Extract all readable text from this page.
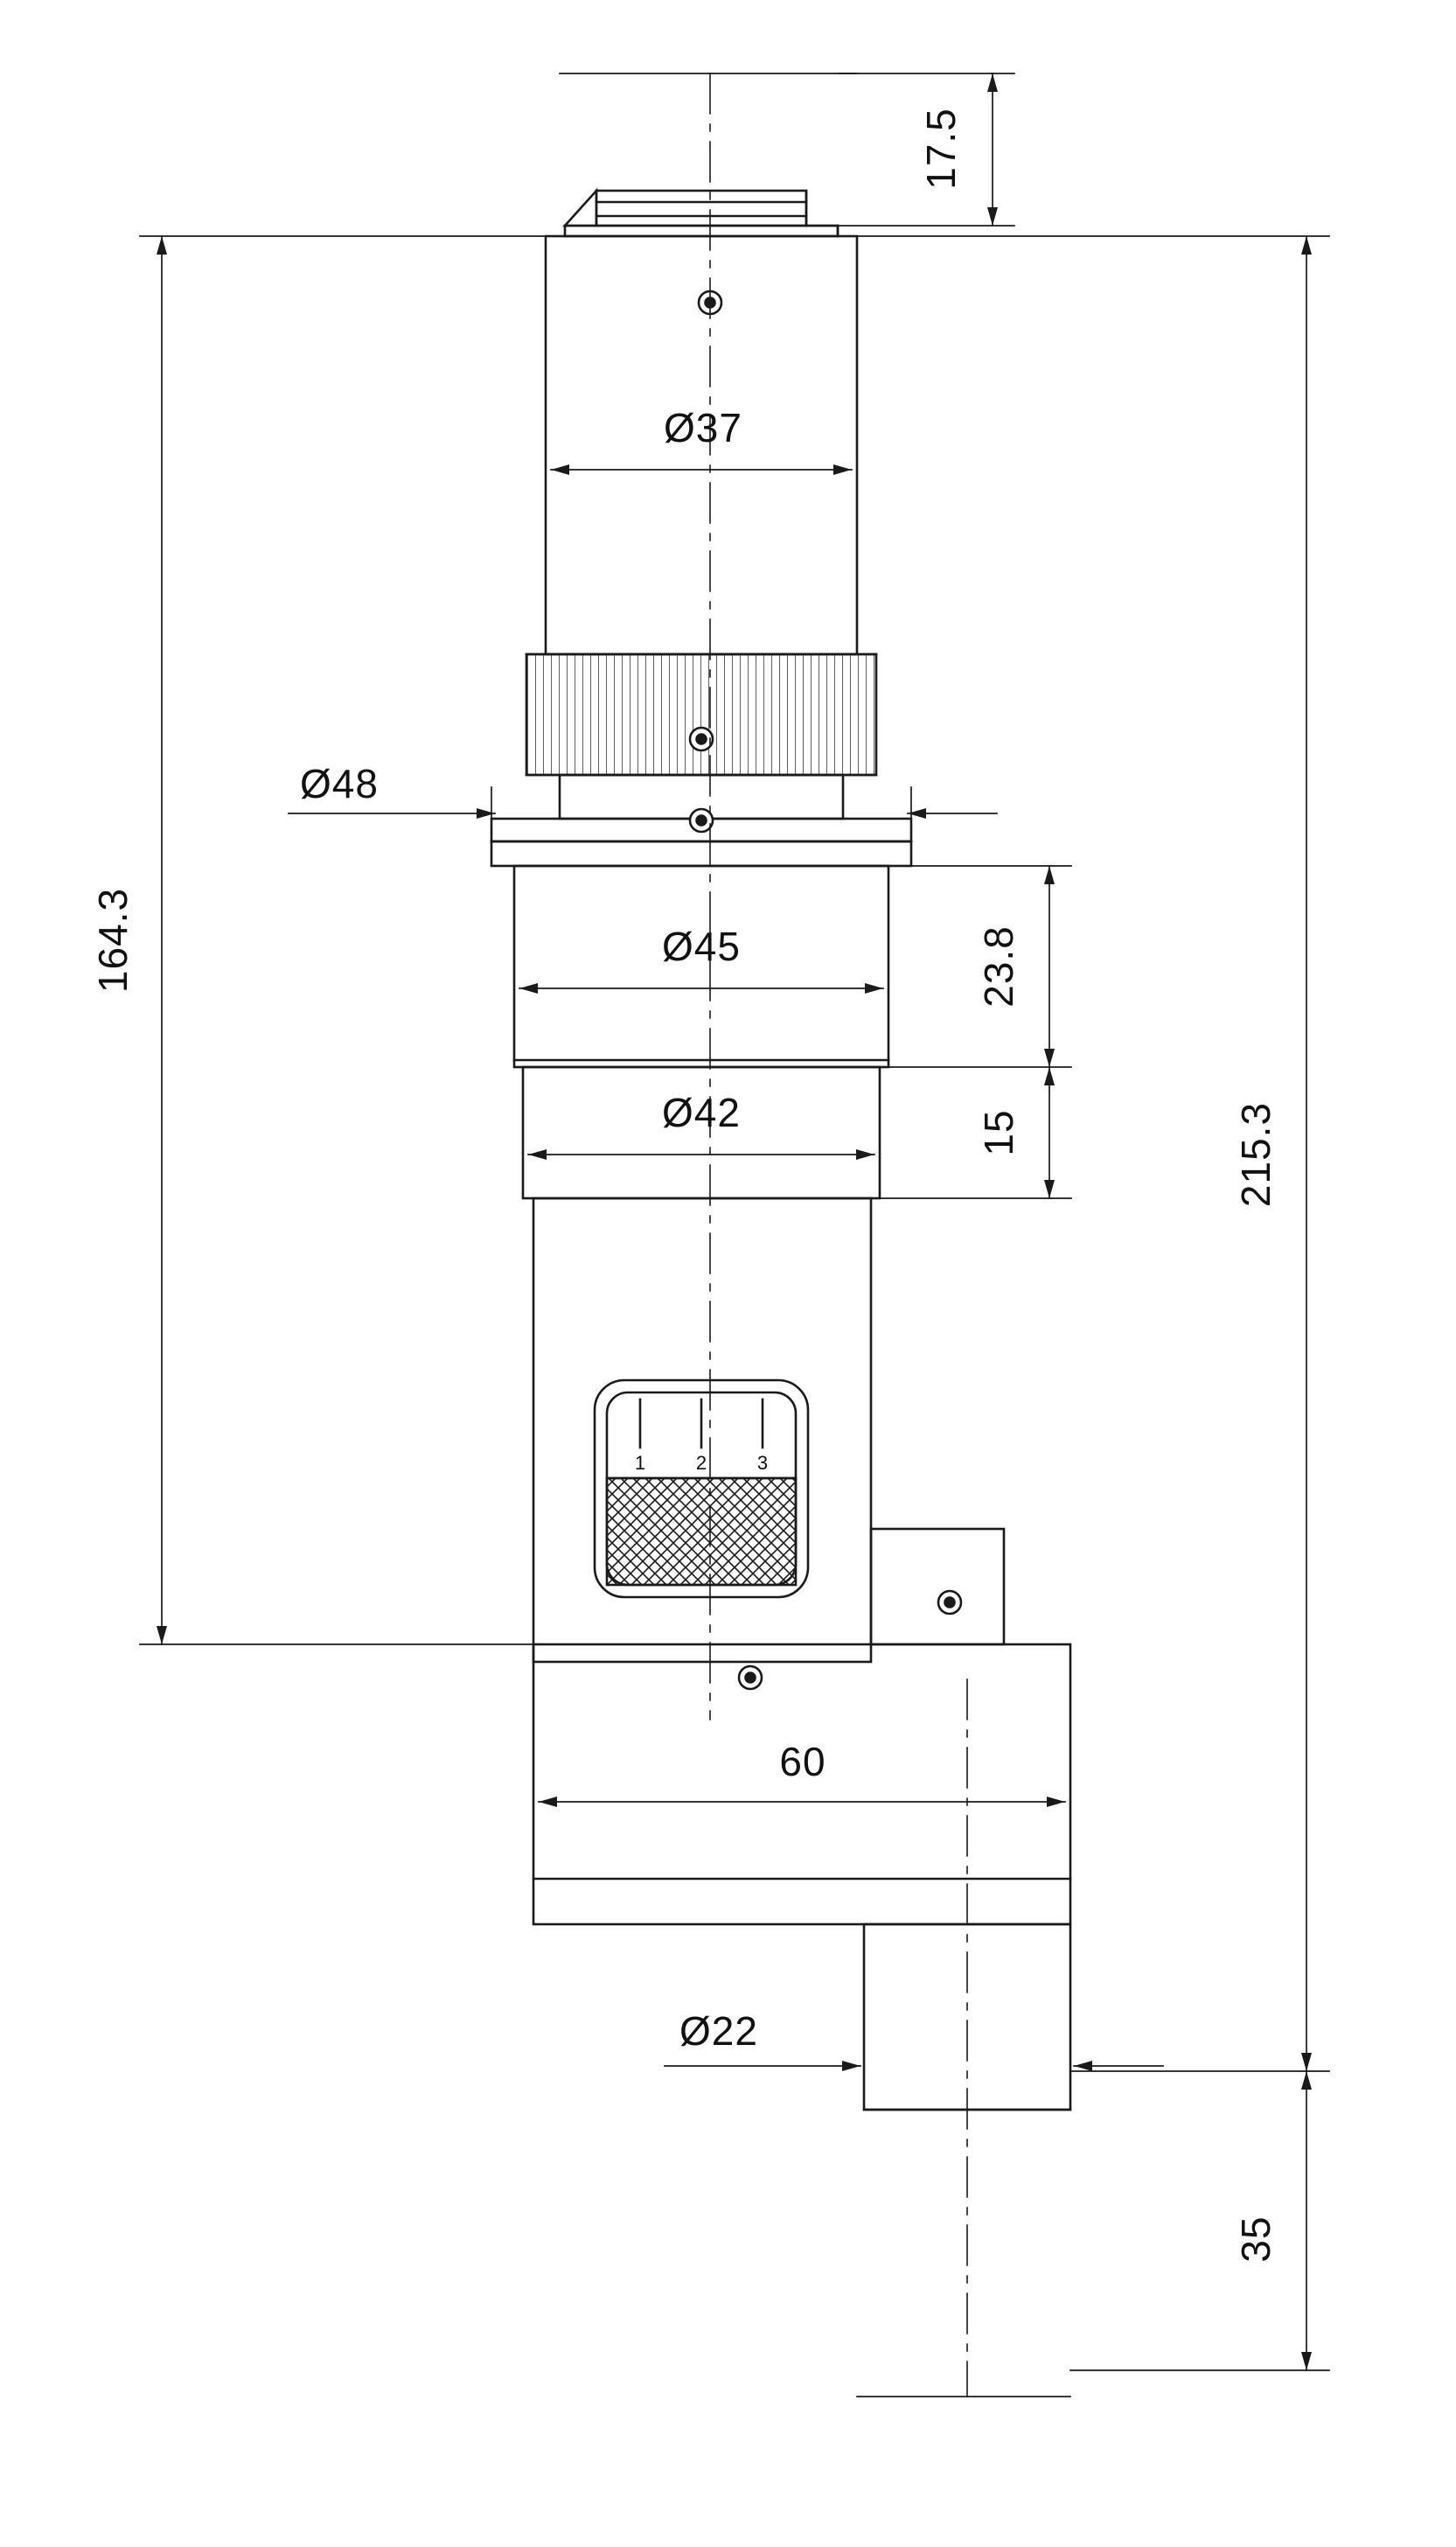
17.5
164.3
215.3
Ø37
Ø48
Ø45
Ø42
23.8
15
60
Ø22
35
1	2	3
